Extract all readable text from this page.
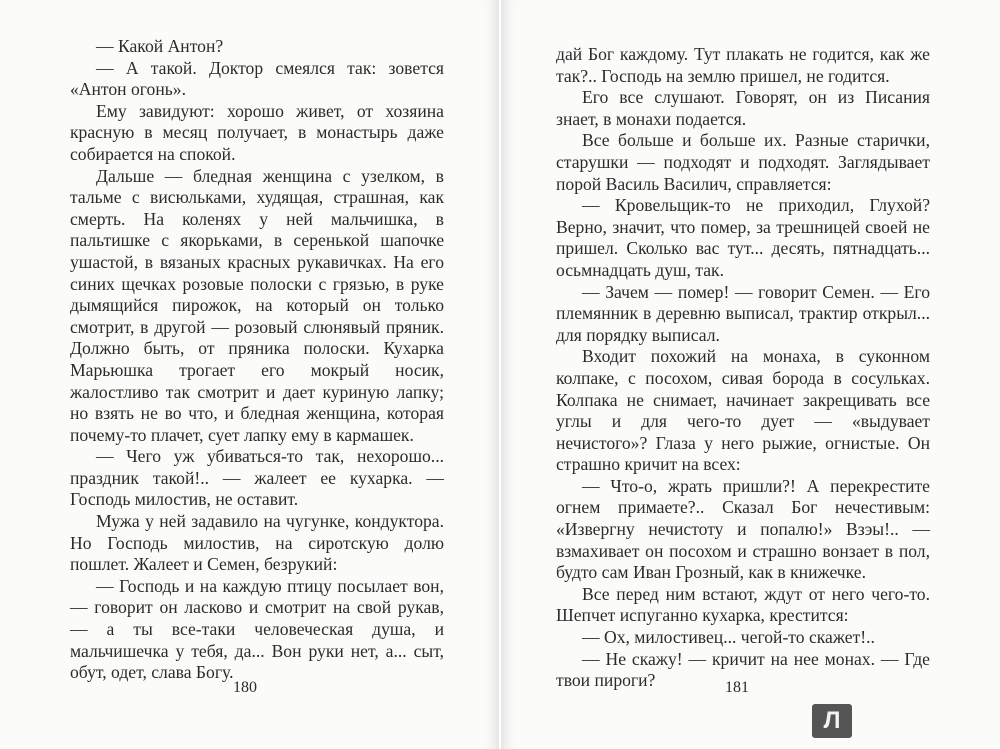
— Какой Антон?

— А такой. Доктор смеялся так: зовется «Антон огонь».

Ему завидуют: хорошо живет, от хозяина красную в месяц получает, в монастырь даже собирается на спокой.

Дальше — бледная женщина с узелком, в тальме с висюльками, худящая, страшная, как смерть. На коленях у ней мальчишка, в пальтишке с якорьками, в серенькой шапочке ушастой, в вязаных красных рукавичках. На его синих щечках розовые полоски с грязью, в руке дымящийся пирожок, на который он только смотрит, в другой — розовый слюнявый пряник. Должно быть, от пряника полоски. Кухарка Марьюшка трогает его мокрый носик, жалостливо так смотрит и дает куриную лапку; но взять не во что, и бледная женщина, которая почему-то плачет, сует лапку ему в кармашек.

— Чего уж убиваться-то так, нехорошо... праздник такой!.. — жалеет ее кухарка. — Господь милостив, не оставит.

Мужа у ней задавило на чугунке, кондуктора. Но Господь милостив, на сиротскую долю пошлет. Жалеет и Семен, безрукий:

— Господь и на каждую птицу посылает вон, — говорит он ласково и смотрит на свой рукав, — а ты все-таки человеческая душа, и мальчишечка у тебя, да... Вон руки нет, а... сыт, обут, одет, слава Богу.

180

дай Бог каждому. Тут плакать не годится, как же так?.. Господь на землю пришел, не годится.

Его все слушают. Говорят, он из Писания знает, в монахи подается.

Все больше и больше их. Разные старички, старушки — подходят и подходят. Заглядывает порой Василь Василич, справляется:

— Кровельщик-то не приходил, Глухой? Верно, значит, что помер, за трешницей своей не пришел. Сколько вас тут... десять, пятнадцать... осьмнадцать душ, так.

— Зачем — помер! — говорит Семен. — Его племянник в деревню выписал, трактир открыл... для порядку выписал.

Входит похожий на монаха, в суконном колпаке, с посохом, сивая борода в сосульках. Колпака не снимает, начинает закрещивать все углы и для чего-то дует — «выдувает нечистого»? Глаза у него рыжие, огнистые. Он страшно кричит на всех:

— Что-о, жрать пришли?! А перекрестите огнем примаете?.. Сказал Бог нечестивым: «Извергну нечистоту и попалю!» Взэы!.. — взмахивает он посохом и страшно вонзает в пол, будто сам Иван Грозный, как в книжечке.

Все перед ним встают, ждут от него чего-то. Шепчет испуганно кухарка, крестится:

— Ох, милостивец... чегой-то скажет!..

— Не скажу! — кричит на нее монах. — Где твои пироги?	181
Л
